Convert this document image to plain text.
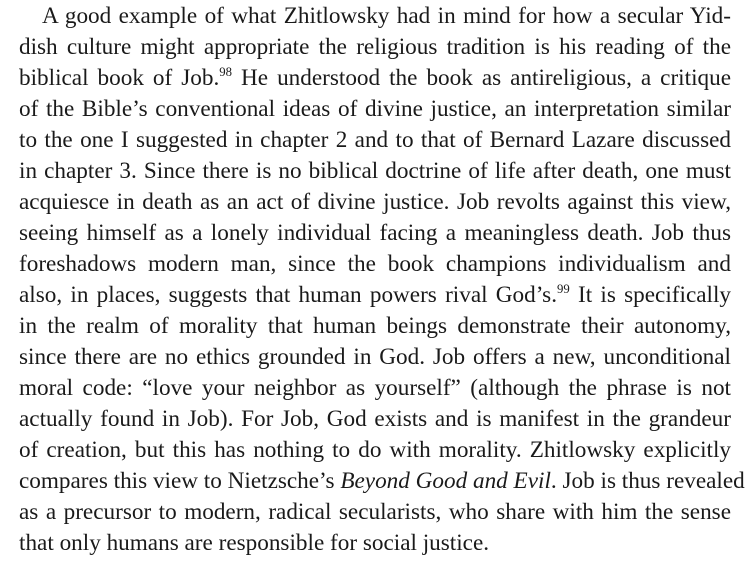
A good example of what Zhitlowsky had in mind for how a secular Yid-
dish culture might appropriate the religious tradition is his reading of the
biblical book of Job.$^{98}$ He understood the book as antireligious, a critique
of the Bible’s conventional ideas of divine justice, an interpretation similar
to the one I suggested in chapter 2 and to that of Bernard Lazare discussed
in chapter 3. Since there is no biblical doctrine of life after death, one must
acquiesce in death as an act of divine justice. Job revolts against this view,
seeing himself as a lonely individual facing a meaningless death. Job thus
foreshadows modern man, since the book champions individualism and
also, in places, suggests that human powers rival God’s.$^{99}$ It is specifically
in the realm of morality that human beings demonstrate their autonomy,
since there are no ethics grounded in God. Job offers a new, unconditional
moral code: “love your neighbor as yourself” (although the phrase is not
actually found in Job). For Job, God exists and is manifest in the grandeur
of creation, but this has nothing to do with morality. Zhitlowsky explicitly
compares this view to Nietzsche’s Beyond Good and Evil. Job is thus revealed
as a precursor to modern, radical secularists, who share with him the sense
that only humans are responsible for social justice.
